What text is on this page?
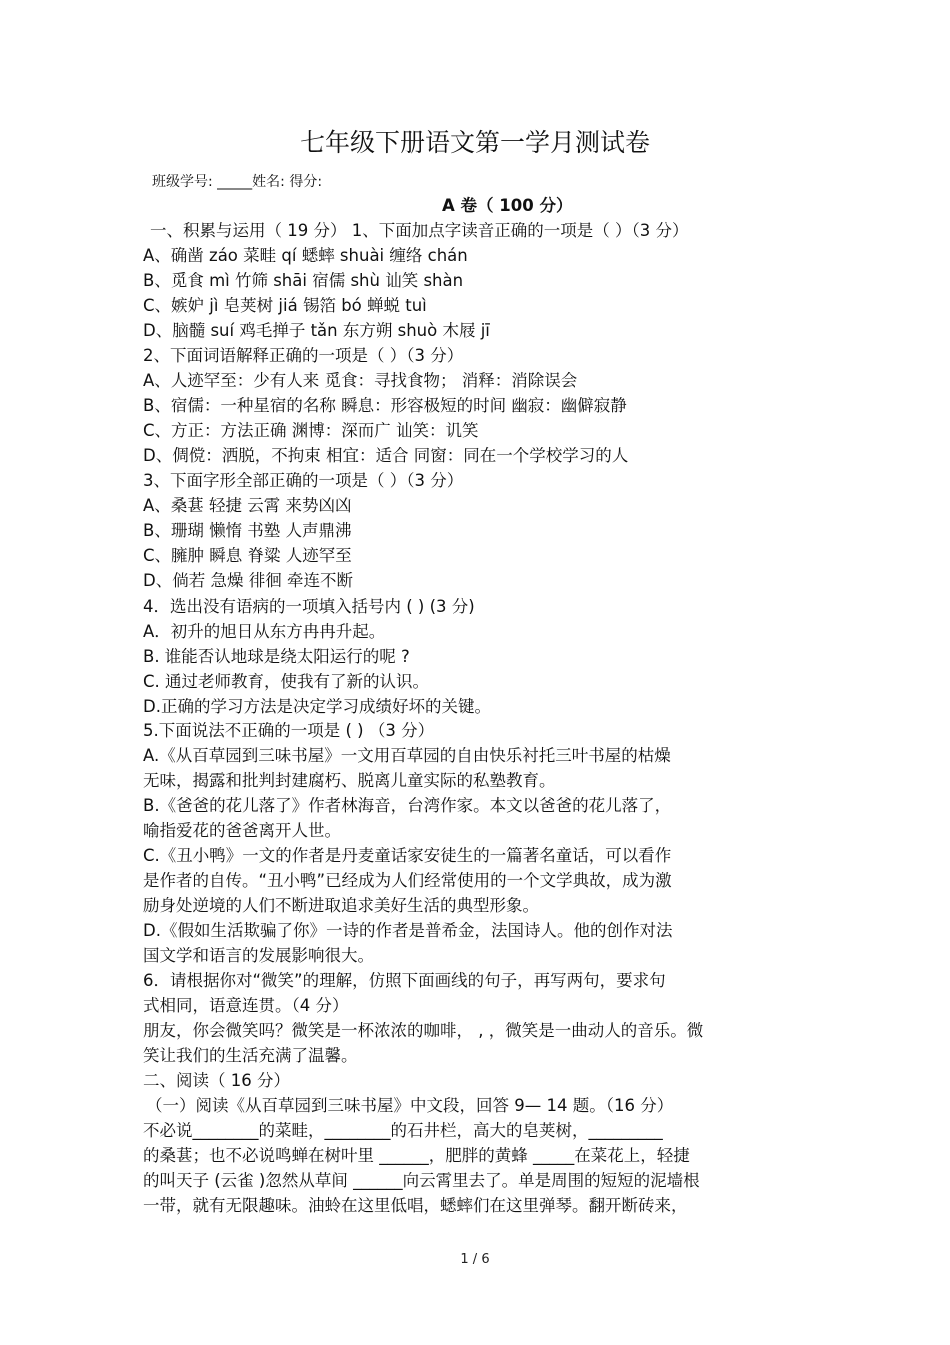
七年级下册语文第一学月测试卷
班级学号: _____姓名: 得分:
A 卷（ 100 分）
一、积累与运用（ 19 分） 1、下面加点字读音正确的一项是（ ）（3 分）
A、确凿 záo 菜畦 qí 蟋蟀 shuài 缠络 chán
B、觅食 mì 竹筛 shāi 宿儒 shù 讪笑 shàn
C、嫉妒 jì 皂荚树 jiá 锡箔 bó 蝉蜕 tuì
D、脑髓 suí 鸡毛掸子 tǎn 东方朔 shuò 木屐 jī
2、下面词语解释正确的一项是（ ）（3 分）
A、人迹罕至：少有人来 觅食：寻找食物； 消释：消除误会
B、宿儒：一种星宿的名称 瞬息：形容极短的时间 幽寂：幽僻寂静
C、方正：方法正确 渊博：深而广 讪笑：讥笑
D、倜傥：洒脱，不拘束 相宜：适合 同窗：同在一个学校学习的人
3、下面字形全部正确的一项是（ ）（3 分）
A、桑葚 轻捷 云霄 来势凶凶
B、珊瑚 懒惰 书塾 人声鼎沸
C、臃肿 瞬息 脊粱 人迹罕至
D、倘若 急燥 徘徊 牵连不断
4．选出没有语病的一项填入括号内 ( ) (3 分)
A．初升的旭日从东方冉冉升起。
B. 谁能否认地球是绕太阳运行的呢 ?
C. 通过老师教育，使我有了新的认识。
D.正确的学习方法是决定学习成绩好坏的关键。
5.下面说法不正确的一项是 ( ) （3 分）
A.《从百草园到三味书屋》一文用百草园的自由快乐衬托三叶书屋的枯燥
无味，揭露和批判封建腐朽、脱离儿童实际的私塾教育。
B.《爸爸的花儿落了》作者林海音，台湾作家。本文以爸爸的花儿落了，
喻指爱花的爸爸离开人世。
C.《丑小鸭》一文的作者是丹麦童话家安徒生的一篇著名童话，可以看作
是作者的自传。“丑小鸭”已经成为人们经常使用的一个文学典故，成为激
励身处逆境的人们不断进取追求美好生活的典型形象。
D.《假如生活欺骗了你》一诗的作者是普希金，法国诗人。他的创作对法
国文学和语言的发展影响很大。
6．请根据你对“微笑”的理解，仿照下面画线的句子，再写两句，要求句
式相同，语意连贯。（4 分）
朋友，你会微笑吗？微笑是一杯浓浓的咖啡， , ，微笑是一曲动人的音乐。微
笑让我们的生活充满了温馨。
二、阅读（ 16 分）
（一）阅读《从百草园到三味书屋》中文段，回答 9— 14 题。（16 分）
不必说________的菜畦，________的石井栏，高大的皂荚树，_________
的桑葚；也不必说鸣蝉在树叶里 ______，肥胖的黄蜂 _____在菜花上，轻捷
的叫天子 (云雀 )忽然从草间 ______向云霄里去了。单是周围的短短的泥墙根
一带，就有无限趣味。油蛉在这里低唱，蟋蟀们在这里弹琴。翻开断砖来，
1 / 6
